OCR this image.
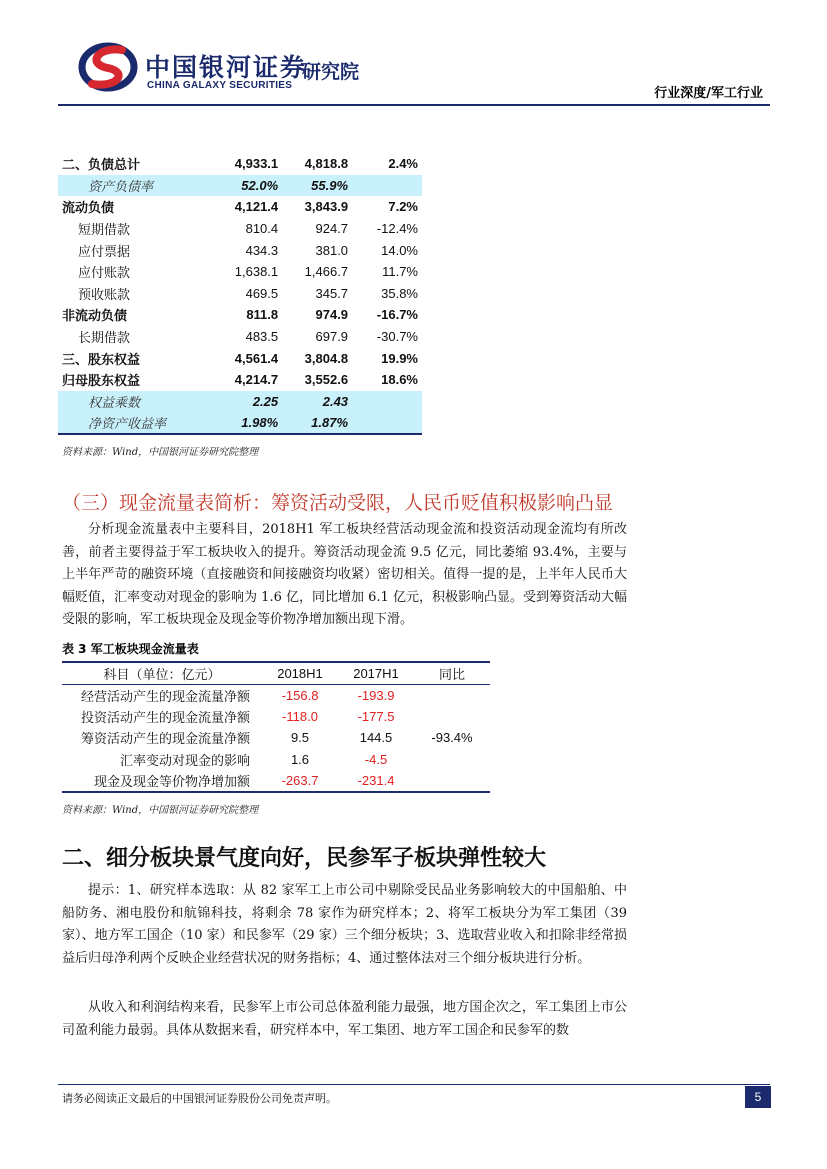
中国银河证券
CHINA GALAXY SECURITIES
研究院
行业深度/军工行业
二、负债总计	4,933.1	4,818.8	2.4%
资产负债率	52.0%	55.9%	
流动负债	4,121.4	3,843.9	7.2%
短期借款	810.4	924.7	-12.4%
应付票据	434.3	381.0	14.0%
应付账款	1,638.1	1,466.7	11.7%
预收账款	469.5	345.7	35.8%
非流动负债	811.8	974.9	-16.7%
长期借款	483.5	697.9	-30.7%
三、股东权益	4,561.4	3,804.8	19.9%
归母股东权益	4,214.7	3,552.6	18.6%
权益乘数	2.25	2.43	
净资产收益率	1.98%	1.87%	
资料来源：Wind，中国银河证券研究院整理
（三）现金流量表简析：筹资活动受限，人民币贬值积极影响凸显

分析现金流量表中主要科目，2018H1 军工板块经营活动现金流和投资活动现金流均有所改善，前者主要得益于军工板块收入的提升。筹资活动现金流 9.5 亿元，同比萎缩 93.4%，主要与上半年严苛的融资环境（直接融资和间接融资均收紧）密切相关。值得一提的是，上半年人民币大幅贬值，汇率变动对现金的影响为 1.6 亿，同比增加 6.1 亿元，积极影响凸显。受到筹资活动大幅受限的影响，军工板块现金及现金等价物净增加额出现下滑。

表 3 军工板块现金流量表
科目（单位：亿元）	2018H1	2017H1	同比
经营活动产生的现金流量净额	-156.8	-193.9	
投资活动产生的现金流量净额	-118.0	-177.5	
筹资活动产生的现金流量净额	9.5	144.5	-93.4%
汇率变动对现金的影响	1.6	-4.5	
现金及现金等价物净增加额	-263.7	-231.4	
资料来源：Wind，中国银河证券研究院整理
二、细分板块景气度向好，民参军子板块弹性较大

提示：1、研究样本选取：从 82 家军工上市公司中剔除受民品业务影响较大的中国船舶、中船防务、湘电股份和航锦科技，将剩余 78 家作为研究样本；2、将军工板块分为军工集团（39 家）、地方军工国企（10 家）和民参军（29 家）三个细分板块；3、选取营业收入和扣除非经常损益后归母净利两个反映企业经营状况的财务指标；4、通过整体法对三个细分板块进行分析。

从收入和利润结构来看，民参军上市公司总体盈利能力最强，地方国企次之，军工集团上市公司盈利能力最弱。具体从数据来看，研究样本中，军工集团、地方军工国企和民参军的数

请务必阅读正文最后的中国银河证券股份公司免责声明。	5
